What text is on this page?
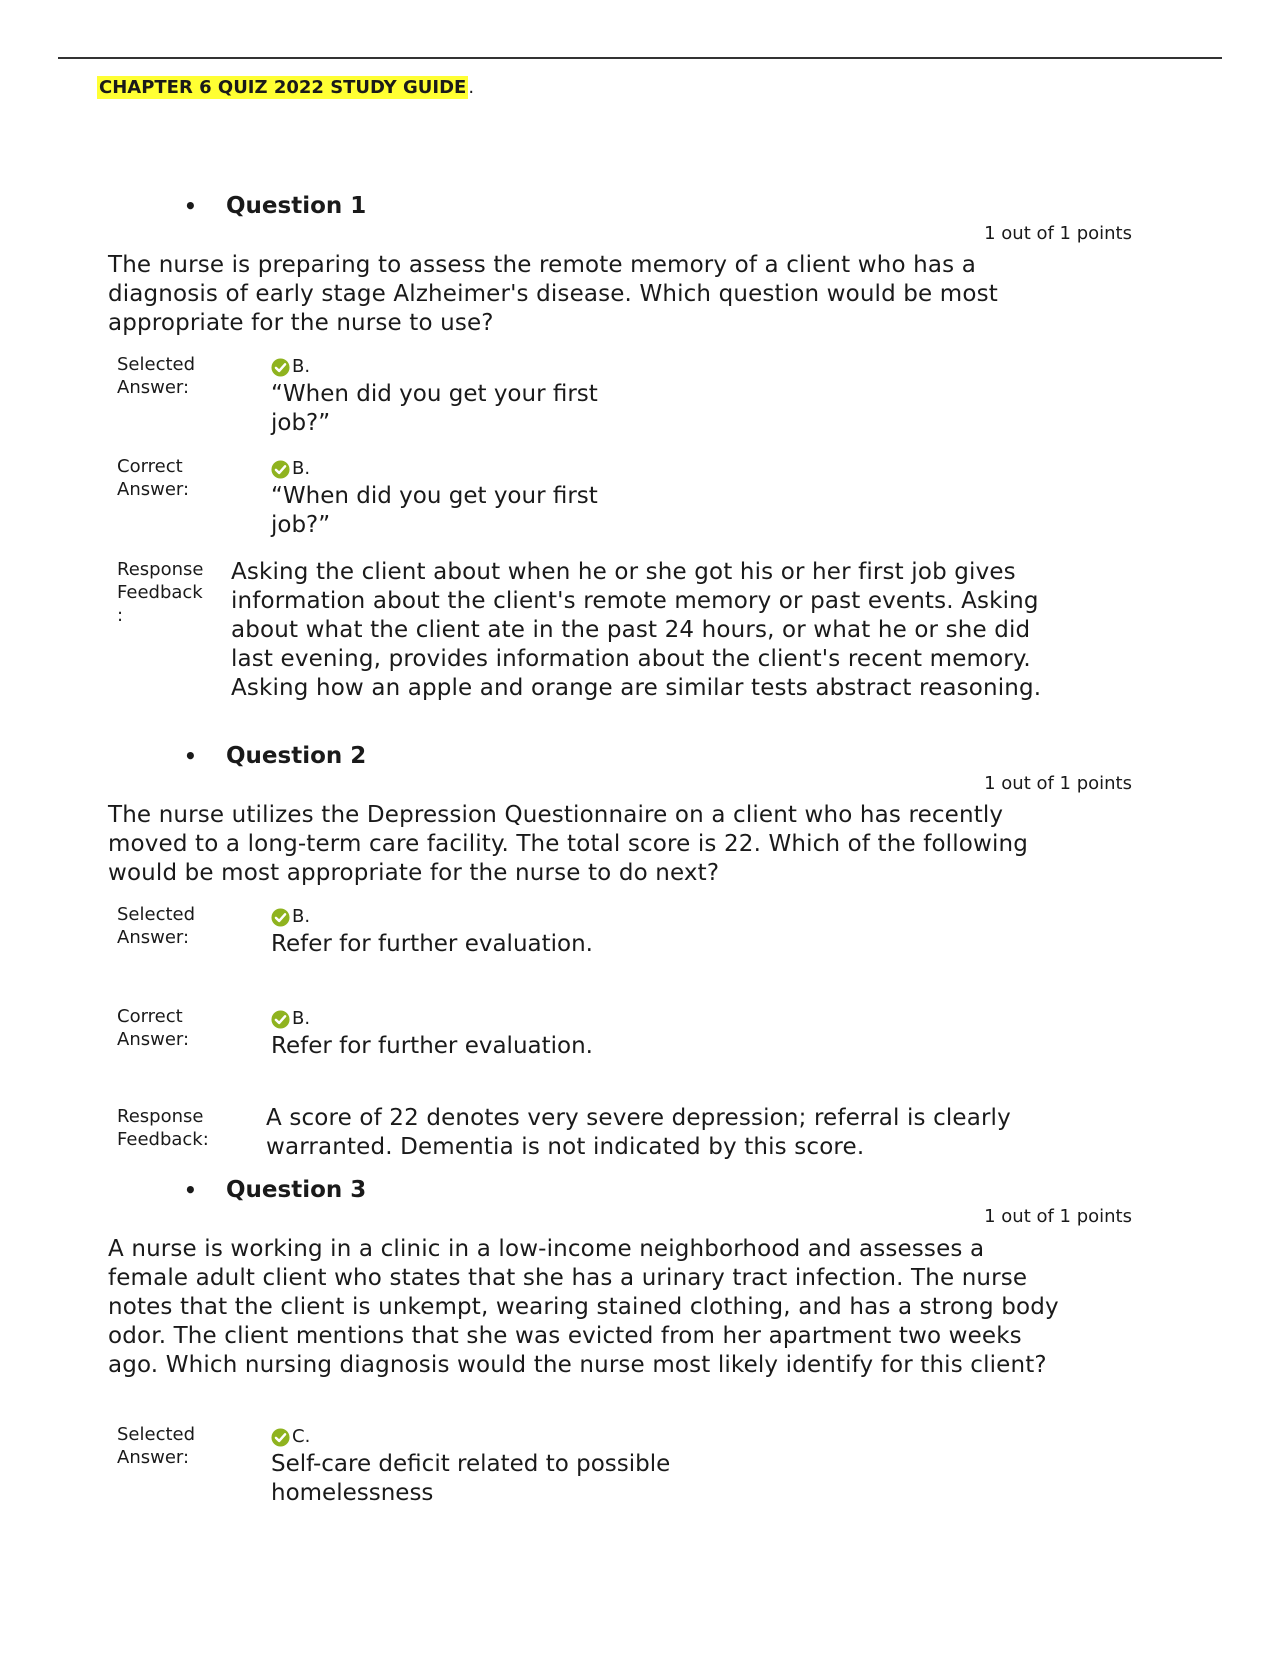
CHAPTER 6 QUIZ 2022 STUDY GUIDE .
• Question 1
1 out of 1 points
The nurse is preparing to assess the remote memory of a client who has a diagnosis of early stage Alzheimer's disease. Which question would be most appropriate for the nurse to use?
Selected Answer:
B.
“When did you get your first job?”
Correct Answer:
B.
“When did you get your first job?”
Response Feedback :
Asking the client about when he or she got his or her first job gives information about the client's remote memory or past events. Asking about what the client ate in the past 24 hours, or what he or she did last evening, provides information about the client's recent memory. Asking how an apple and orange are similar tests abstract reasoning.
• Question 2
1 out of 1 points
The nurse utilizes the Depression Questionnaire on a client who has recently moved to a long-term care facility. The total score is 22. Which of the following would be most appropriate for the nurse to do next?
Selected Answer:
B.
Refer for further evaluation.
Correct Answer:
B.
Refer for further evaluation.
Response Feedback:
A score of 22 denotes very severe depression; referral is clearly warranted. Dementia is not indicated by this score.
• Question 3
1 out of 1 points
A nurse is working in a clinic in a low-income neighborhood and assesses a female adult client who states that she has a urinary tract infection. The nurse notes that the client is unkempt, wearing stained clothing, and has a strong body odor. The client mentions that she was evicted from her apartment two weeks ago. Which nursing diagnosis would the nurse most likely identify for this client?
Selected Answer:
C.
Self-care deficit related to possible homelessness
